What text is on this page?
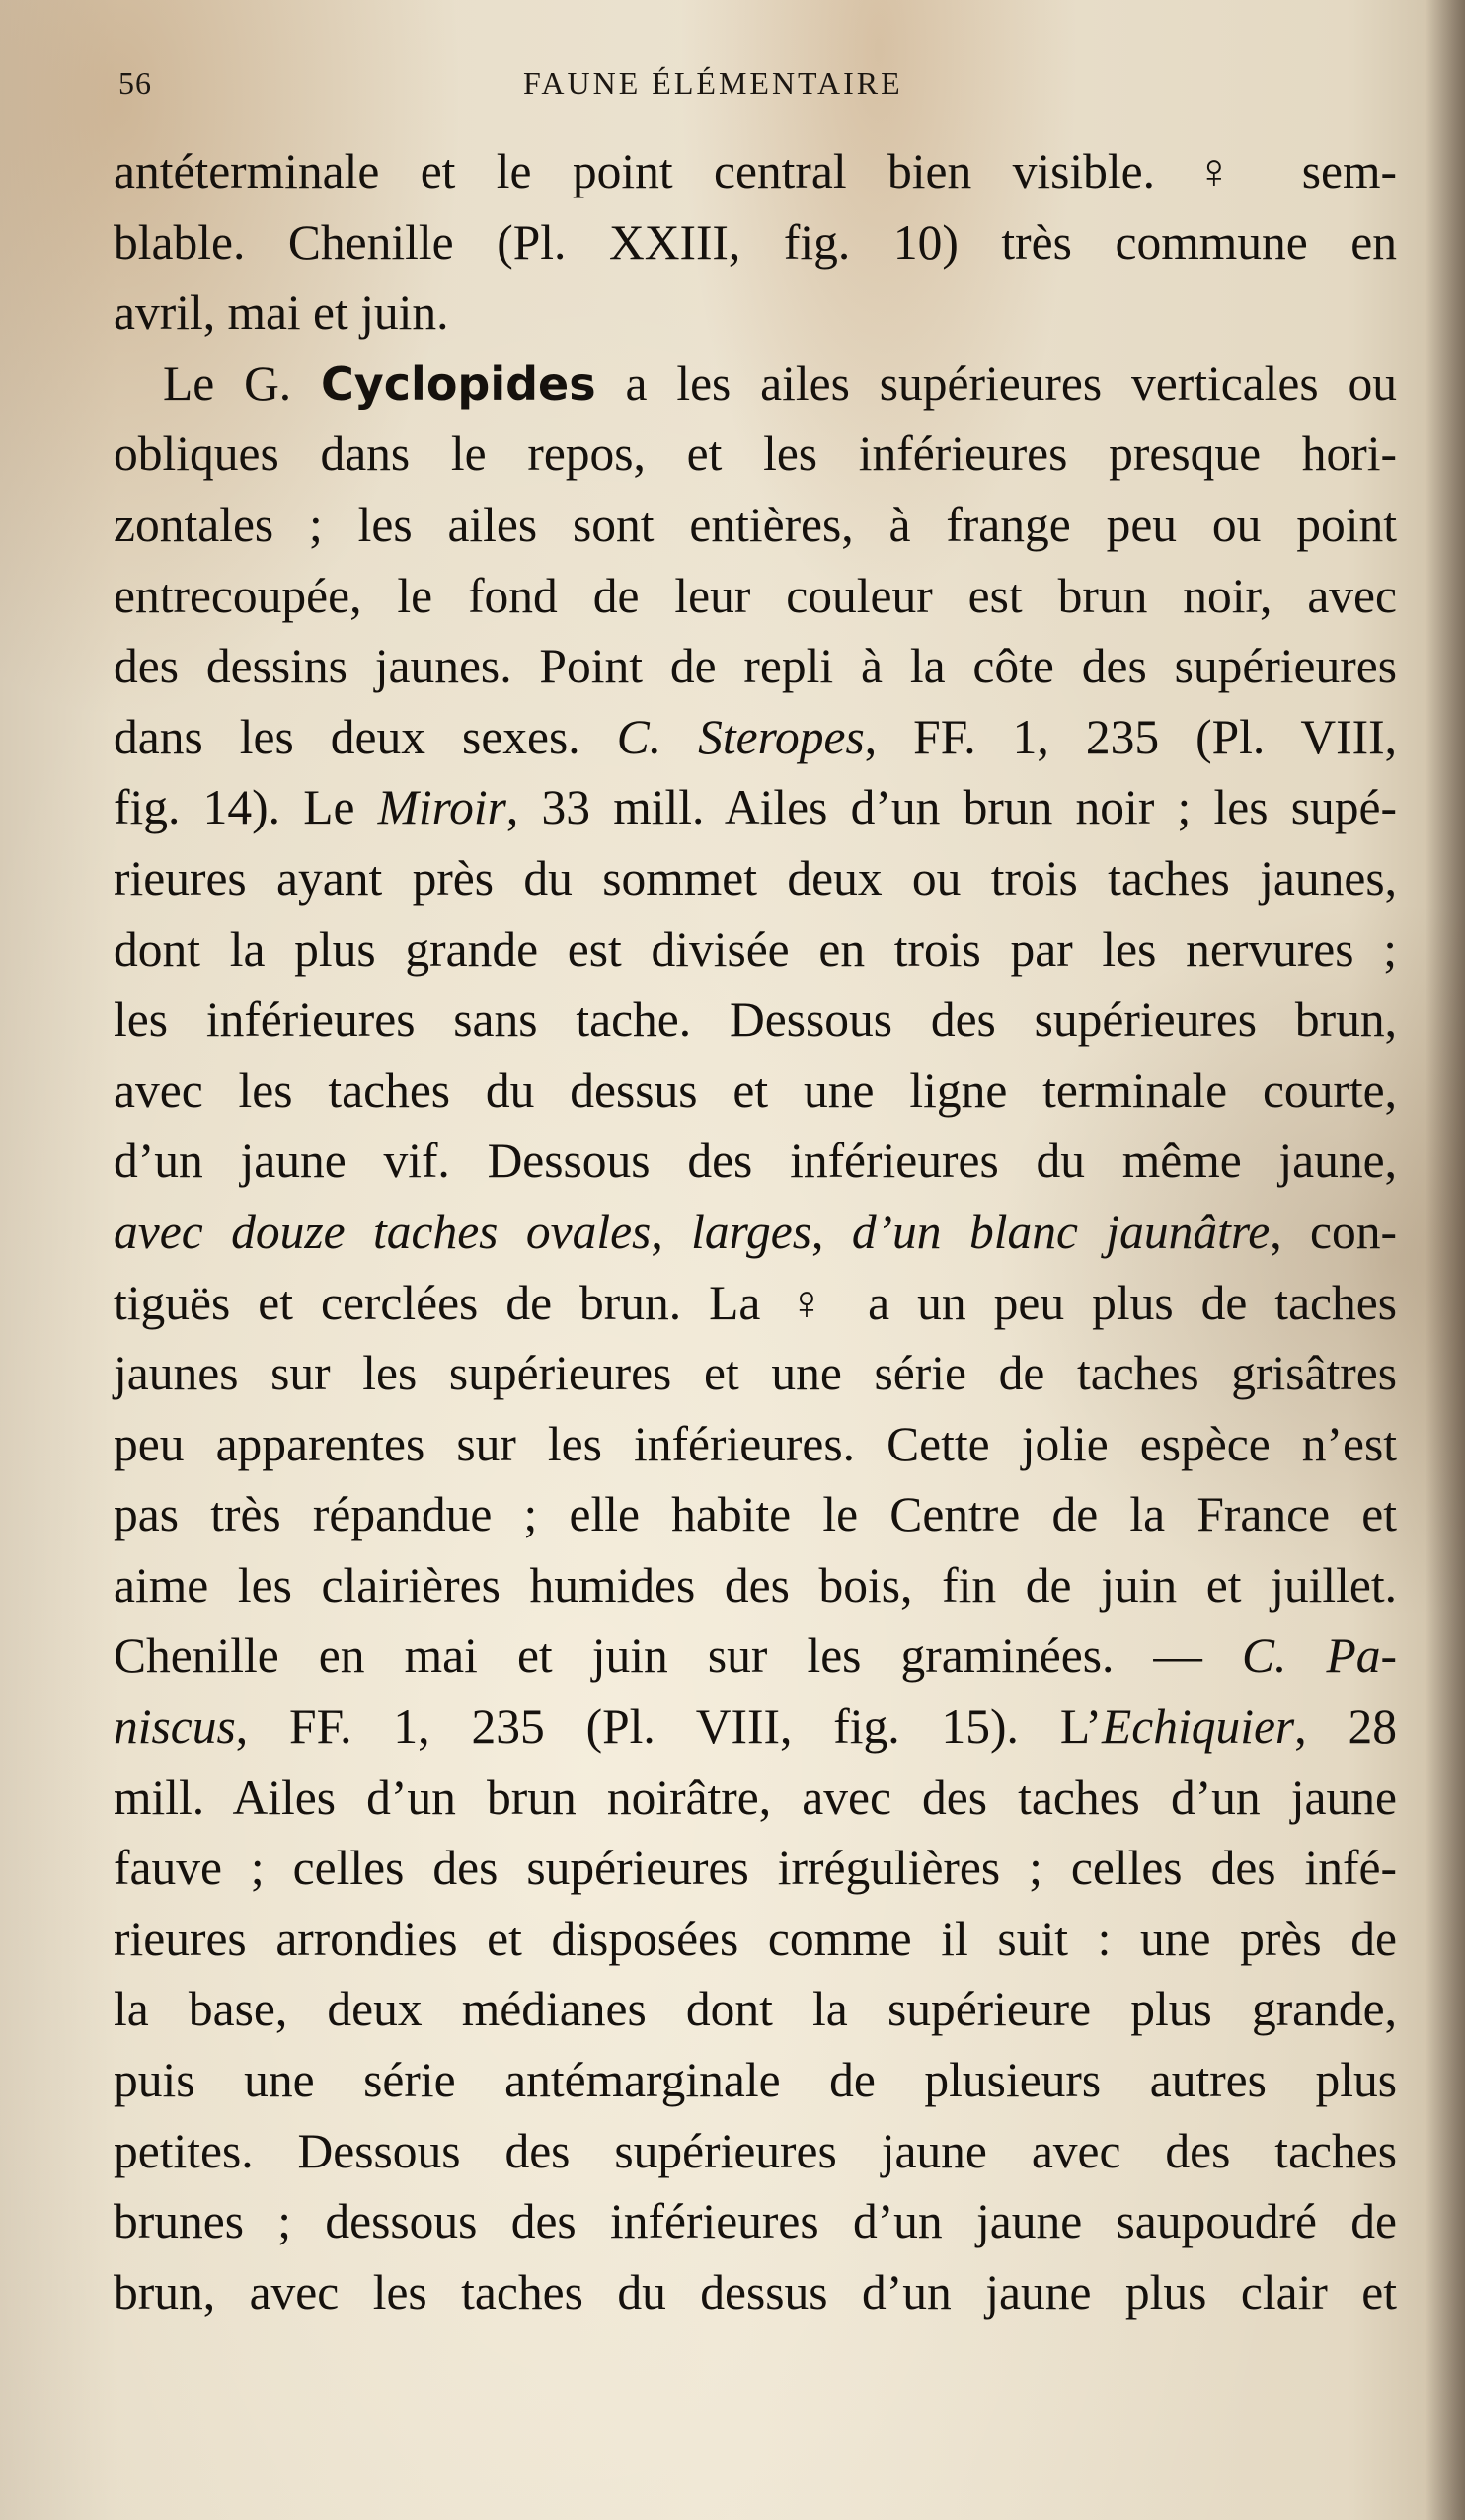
56	FAUNE ÉLÉMENTAIRE
antéterminale et le point central bien visible. ♀ sem-
blable. Chenille (Pl. XXIII, fig. 10) très commune en
avril, mai et juin.
Le G. Cyclopides a les ailes supérieures verticales ou
obliques dans le repos, et les inférieures presque hori-
zontales ; les ailes sont entières, à frange peu ou point
entrecoupée, le fond de leur couleur est brun noir, avec
des dessins jaunes. Point de repli à la côte des supérieures
dans les deux sexes. C. Steropes, FF. 1, 235 (Pl. VIII,
fig. 14). Le Miroir, 33 mill. Ailes d’un brun noir ; les supé-
rieures ayant près du sommet deux ou trois taches jaunes,
dont la plus grande est divisée en trois par les nervures ;
les inférieures sans tache. Dessous des supérieures brun,
avec les taches du dessus et une ligne terminale courte,
d’un jaune vif. Dessous des inférieures du même jaune,
avec douze taches ovales, larges, d’un blanc jaunâtre, con-
tiguës et cerclées de brun. La ♀ a un peu plus de taches
jaunes sur les supérieures et une série de taches grisâtres
peu apparentes sur les inférieures. Cette jolie espèce n’est
pas très répandue ; elle habite le Centre de la France et
aime les clairières humides des bois, fin de juin et juillet.
Chenille en mai et juin sur les graminées. — C. Pa-
niscus, FF. 1, 235 (Pl. VIII, fig. 15). L’Echiquier, 28
mill. Ailes d’un brun noirâtre, avec des taches d’un jaune
fauve ; celles des supérieures irrégulières ; celles des infé-
rieures arrondies et disposées comme il suit : une près de
la base, deux médianes dont la supérieure plus grande,
puis une série antémarginale de plusieurs autres plus
petites. Dessous des supérieures jaune avec des taches
brunes ; dessous des inférieures d’un jaune saupoudré de
brun, avec les taches du dessus d’un jaune plus clair et
